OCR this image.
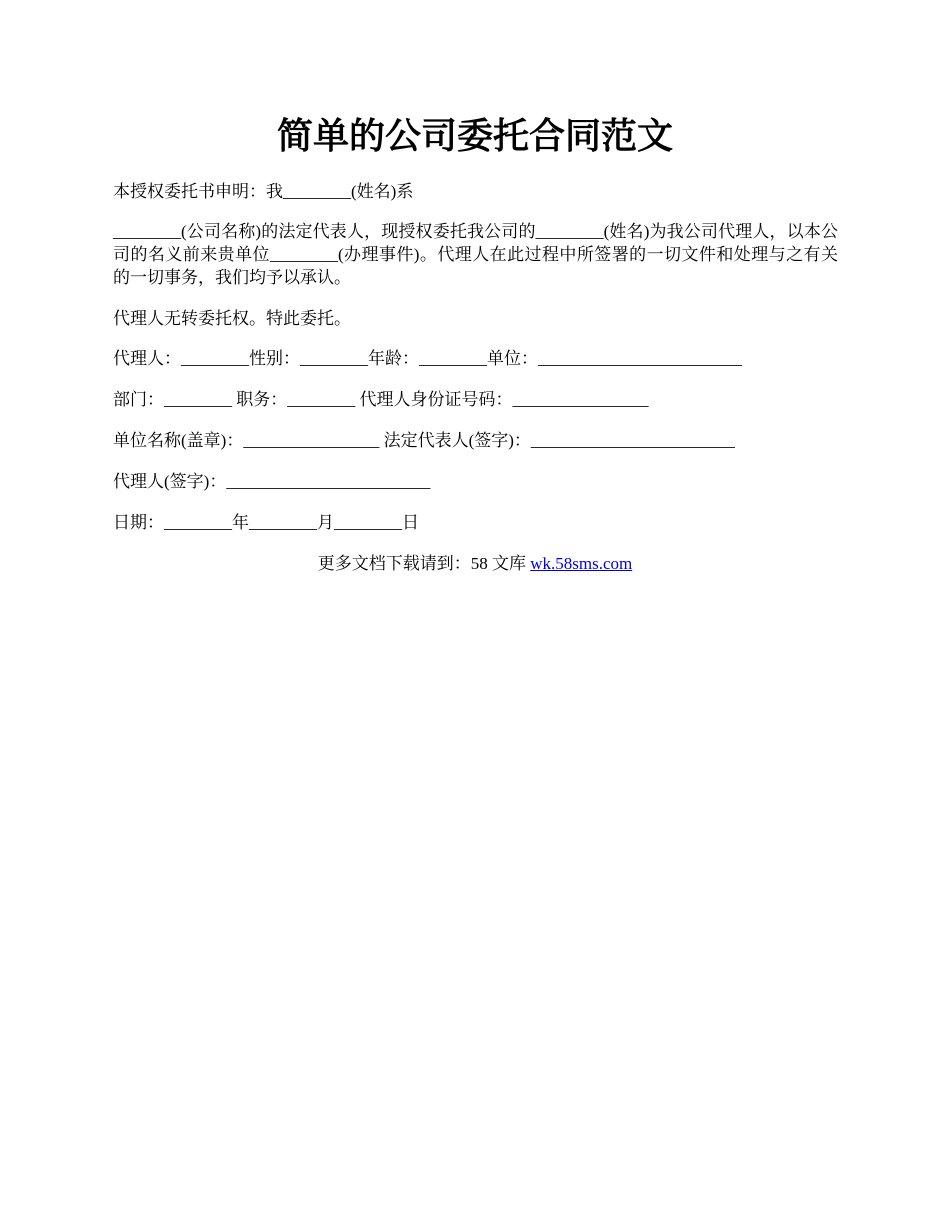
简单的公司委托合同范文
本授权委托书申明：我________(姓名)系
________(公司名称)的法定代表人，现授权委托我公司的________(姓名)为我公司代理人，以本公司的名义前来贵单位________(办理事件)。代理人在此过程中所签署的一切文件和处理与之有关的一切事务，我们均予以承认。
代理人无转委托权。特此委托。
代理人：________性别：________年龄：________单位：________________________
部门：________ 职务：________ 代理人身份证号码：________________
单位名称(盖章)：________________ 法定代表人(签字)：________________________
代理人(签字)：________________________
日期：________年________月________日
更多文档下载请到：58 文库 wk.58sms.com
